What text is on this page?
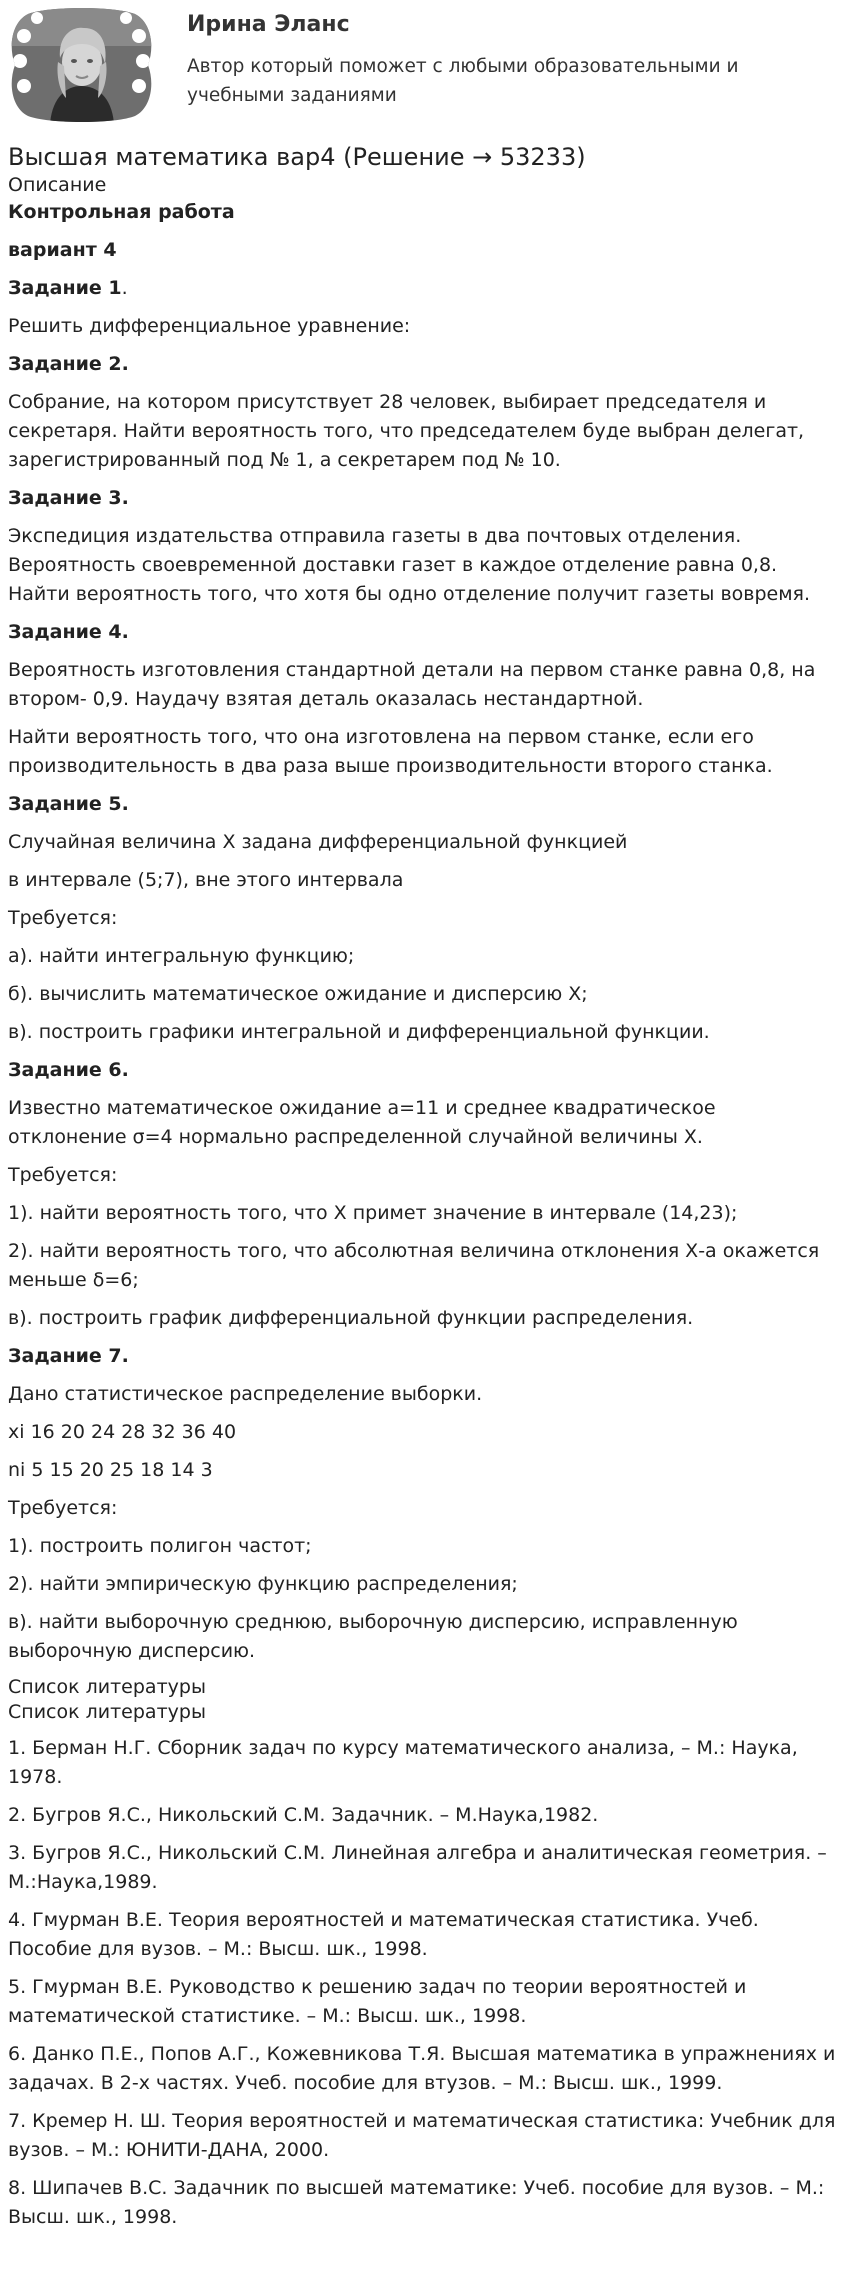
Ирина Эланс
Автор который поможет с любыми образовательными и учебными заданиями
Высшая математика вар4 (Решение → 53233)
Описание

Контрольная работа

вариант 4

Задание 1.

Решить дифференциальное уравнение:

Задание 2.

Собрание, на котором присутствует 28 человек, выбирает председателя и секретаря. Найти вероятность того, что председателем буде выбран делегат, зарегистрированный под № 1, а секретарем под № 10.

Задание 3.

Экспедиция издательства отправила газеты в два почтовых отделения. Вероятность своевременной доставки газет в каждое отделение равна 0,8. Найти вероятность того, что хотя бы одно отделение получит газеты вовремя.

Задание 4.

Вероятность изготовления стандартной детали на первом станке равна 0,8, на втором- 0,9. Наудачу взятая деталь оказалась нестандартной.

Найти вероятность того, что она изготовлена на первом станке, если его производительность в два раза выше производительности второго станка.

Задание 5.

Случайная величина Х задана дифференциальной функцией

в интервале (5;7), вне этого интервала

Требуется:

а). найти интегральную функцию;

б). вычислить математическое ожидание и дисперсию Х;

в). построить графики интегральной и дифференциальной функции.

Задание 6.

Известно математическое ожидание a=11 и среднее квадратическое отклонение σ=4 нормально распределенной случайной величины Х.

Требуется:

1). найти вероятность того, что Х примет значение в интервале (14,23);

2). найти вероятность того, что абсолютная величина отклонения Х-а окажется меньше δ=6;

в). построить график дифференциальной функции распределения.

Задание 7.

Дано статистическое распределение выборки.

xi 16 20 24 28 32 36 40

ni 5 15 20 25 18 14 3

Требуется:

1). построить полигон частот;

2). найти эмпирическую функцию распределения;

в). найти выборочную среднюю, выборочную дисперсию, исправленную выборочную дисперсию.

Список литературы
Список литературы

1. Берман Н.Г. Сборник задач по курсу математического анализа, – М.: Наука, 1978.

2. Бугров Я.С., Никольский С.М. Задачник. – М.Наука,1982.

3. Бугров Я.С., Никольский С.М. Линейная алгебра и аналитическая геометрия. – М.:Наука,1989.

4. Гмурман В.Е. Теория вероятностей и математическая статистика. Учеб. Пособие для вузов. – М.: Высш. шк., 1998.

5. Гмурман В.Е. Руководство к решению задач по теории вероятностей и математической статистике. – М.: Высш. шк., 1998.

6. Данко П.Е., Попов А.Г., Кожевникова Т.Я. Высшая математика в упражнениях и задачах. В 2-х частях. Учеб. пособие для втузов. – М.: Высш. шк., 1999.

7. Кремер Н. Ш. Теория вероятностей и математическая статистика: Учебник для вузов. – М.: ЮНИТИ-ДАНА, 2000.

8. Шипачев В.С. Задачник по высшей математике: Учеб. пособие для вузов. – М.: Высш. шк., 1998.
